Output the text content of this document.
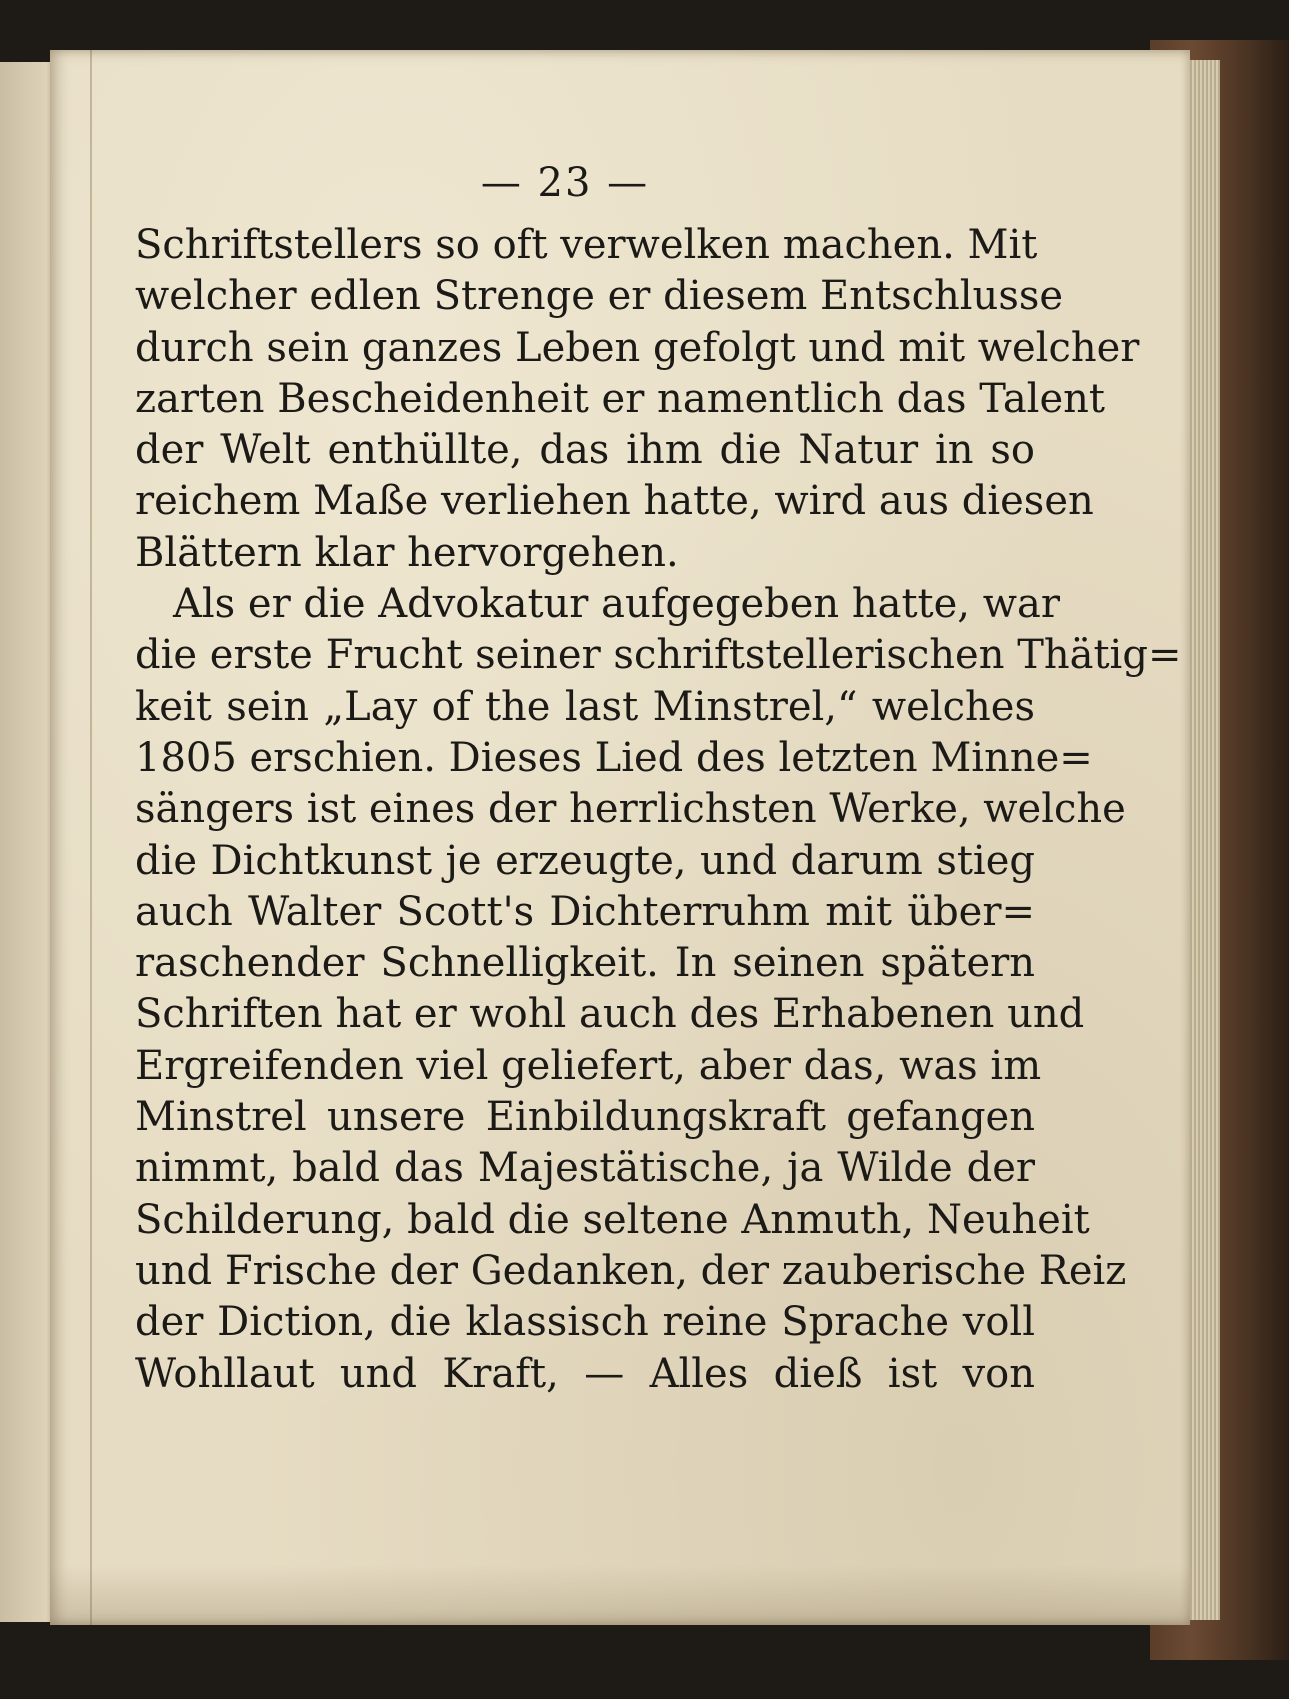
— 23 —
Schriftstellers so oft verwelken machen. Mit
welcher edlen Strenge er diesem Entschlusse
durch sein ganzes Leben gefolgt und mit welcher
zarten Bescheidenheit er namentlich das Talent
der Welt enthüllte, das ihm die Natur in so
reichem Maße verliehen hatte, wird aus diesen
Blättern klar hervorgehen.
Als er die Advokatur aufgegeben hatte, war
die erste Frucht seiner schriftstellerischen Thätig=
keit sein „Lay of the last Minstrel,“ welches
1805 erschien. Dieses Lied des letzten Minne=
sängers ist eines der herrlichsten Werke, welche
die Dichtkunst je erzeugte, und darum stieg
auch Walter Scott's Dichterruhm mit über=
raschender Schnelligkeit. In seinen spätern
Schriften hat er wohl auch des Erhabenen und
Ergreifenden viel geliefert, aber das, was im
Minstrel unsere Einbildungskraft gefangen
nimmt, bald das Majestätische, ja Wilde der
Schilderung, bald die seltene Anmuth, Neuheit
und Frische der Gedanken, der zauberische Reiz
der Diction, die klassisch reine Sprache voll
Wohllaut und Kraft, — Alles dieß ist von
